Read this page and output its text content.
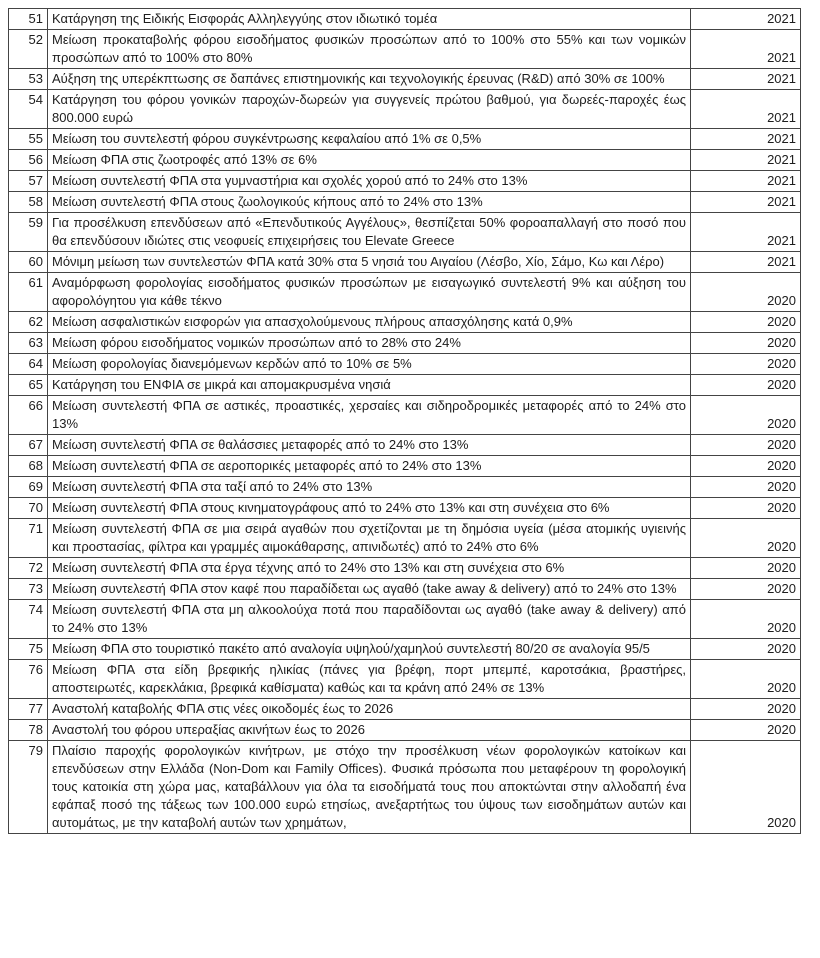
51	Κατάργηση της Ειδικής Εισφοράς Αλληλεγγύης στον ιδιωτικό τομέα	2021
52	Μείωση προκαταβολής φόρου εισοδήματος φυσικών προσώπων από το 100% στο 55% και των νομικών προσώπων από το 100% στο 80%	2021
53	Αύξηση της υπερέκπτωσης σε δαπάνες επιστημονικής και τεχνολογικής έρευνας (R&D) από 30% σε 100%	2021
54	Κατάργηση του φόρου γονικών παροχών-δωρεών για συγγενείς πρώτου βαθμού, για δωρεές-παροχές έως 800.000 ευρώ	2021
55	Μείωση του συντελεστή φόρου συγκέντρωσης κεφαλαίου από 1% σε 0,5%	2021
56	Μείωση ΦΠΑ στις ζωοτροφές από 13% σε 6%	2021
57	Μείωση συντελεστή ΦΠΑ στα γυμναστήρια και σχολές χορού από το 24% στο 13%	2021
58	Μείωση συντελεστή ΦΠΑ στους ζωολογικούς κήπους από το 24% στο 13%	2021
59	Για προσέλκυση επενδύσεων από «Επενδυτικούς Αγγέλους», θεσπίζεται 50% φοροαπαλλαγή στο ποσό που θα επενδύσουν ιδιώτες στις νεοφυείς επιχειρήσεις του Elevate Greece	2021
60	Μόνιμη μείωση των συντελεστών ΦΠΑ κατά 30% στα 5 νησιά του Αιγαίου (Λέσβο, Χίο, Σάμο, Κω και Λέρο)	2021
61	Αναμόρφωση φορολογίας εισοδήματος φυσικών προσώπων με εισαγωγικό συντελεστή 9% και αύξηση του αφορολόγητου για κάθε τέκνο	2020
62	Μείωση ασφαλιστικών εισφορών για απασχολούμενους πλήρους απασχόλησης κατά 0,9%	2020
63	Μείωση φόρου εισοδήματος νομικών προσώπων από το 28% στο 24%	2020
64	Μείωση φορολογίας διανεμόμενων κερδών από το 10% σε 5%	2020
65	Κατάργηση του ΕΝΦΙΑ σε μικρά και απομακρυσμένα νησιά	2020
66	Μείωση συντελεστή ΦΠΑ σε αστικές, προαστικές, χερσαίες και σιδηροδρομικές μεταφορές από το 24% στο 13%	2020
67	Μείωση συντελεστή ΦΠΑ σε θαλάσσιες μεταφορές από το 24% στο 13%	2020
68	Μείωση συντελεστή ΦΠΑ σε αεροπορικές μεταφορές από το 24% στο 13%	2020
69	Μείωση συντελεστή ΦΠΑ στα ταξί από το 24% στο 13%	2020
70	Μείωση συντελεστή ΦΠΑ στους κινηματογράφους από το 24% στο 13% και στη συνέχεια στο 6%	2020
71	Μείωση συντελεστή ΦΠΑ σε μια σειρά αγαθών που σχετίζονται με τη δημόσια υγεία (μέσα ατομικής υγιεινής και προστασίας, φίλτρα και γραμμές αιμοκάθαρσης, απινιδωτές) από το 24% στο 6%	2020
72	Μείωση συντελεστή ΦΠΑ στα έργα τέχνης από το 24% στο 13% και στη συνέχεια στο 6%	2020
73	Μείωση συντελεστή ΦΠΑ στον καφέ που παραδίδεται ως αγαθό (take away & delivery) από το 24% στο 13%	2020
74	Μείωση συντελεστή ΦΠΑ στα μη αλκοολούχα ποτά που παραδίδονται ως αγαθό (take away & delivery) από το 24% στο 13%	2020
75	Μείωση ΦΠΑ στο τουριστικό πακέτο από αναλογία υψηλού/χαμηλού συντελεστή 80/20 σε αναλογία 95/5	2020
76	Μείωση ΦΠΑ στα είδη βρεφικής ηλικίας (πάνες για βρέφη, πορτ μπεμπέ, καροτσάκια, βραστήρες, αποστειρωτές, καρεκλάκια, βρεφικά καθίσματα) καθώς και τα κράνη από 24% σε 13%	2020
77	Αναστολή καταβολής ΦΠΑ στις νέες οικοδομές έως το 2026	2020
78	Αναστολή του φόρου υπεραξίας ακινήτων έως το 2026	2020
79	Πλαίσιο παροχής φορολογικών κινήτρων, με στόχο την προσέλκυση νέων φορολογικών κατοίκων και επενδύσεων στην Ελλάδα (Non-Dom και Family Offices). Φυσικά πρόσωπα που μεταφέρουν τη φορολογική τους κατοικία στη χώρα μας, καταβάλλουν για όλα τα εισοδήματά τους που αποκτώνται στην αλλοδαπή ένα εφάπαξ ποσό της τάξεως των 100.000 ευρώ ετησίως, ανεξαρτήτως του ύψους των εισοδημάτων αυτών και αυτομάτως, με την καταβολή αυτών των χρημάτων,	2020
